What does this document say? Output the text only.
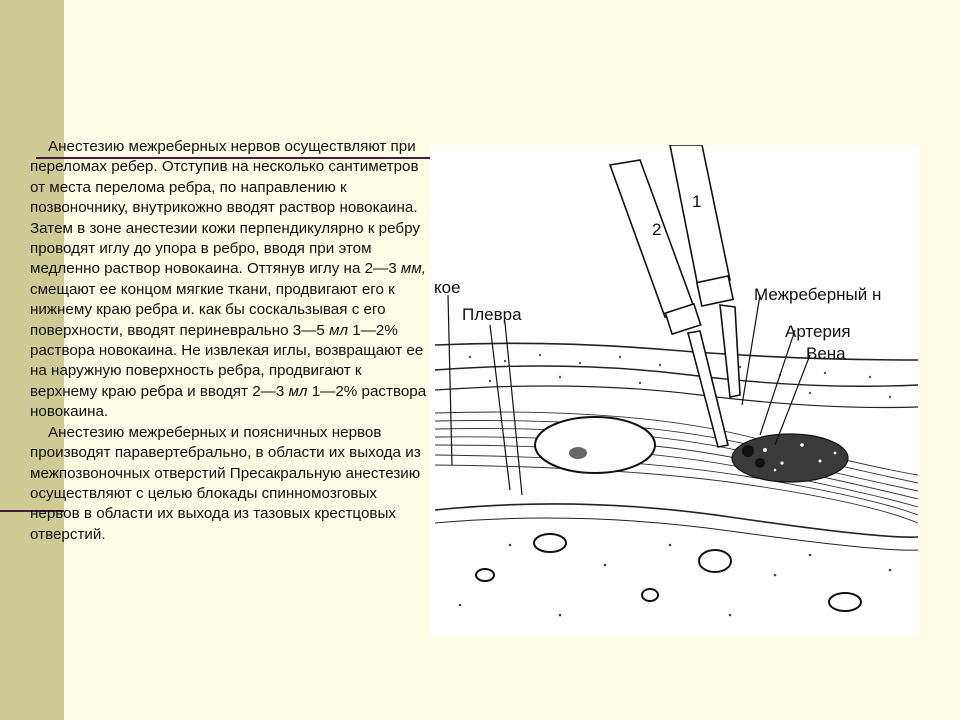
Анестезию межреберных нервов осуществляют при переломах ребер. Отступив на несколько сантиметров от места перелома ребра, по направлению к позвоночнику, внутрикожно вводят раствор новокаина. Затем в зоне анестезии кожи перпендикулярно к ребру проводят иглу до упора в ребро, вводя при этом медленно раствор новокаина. Оттянув иглу на 2—3 мм, смещают ее концом мягкие ткани, продвигают его к нижнему краю ребра и. как бы соскальзывая с его поверхности, вводят периневрально 3—5 мл 1—2% раствора новокаина. Не извлекая иглы, возвращают ее на наружную поверхность ребра, продвигают к верхнему краю ребра и вводят 2—3 мл 1—2% раствора новокаина.

Анестезию межреберных и поясничных нервов производят паравертебрально, в области их выхода из межпозвоночных отверстий Пресакральную анестезию осуществляют с целью блокады спинномозговых нервов в области их выхода из тазовых крестцовых отверстий.

1
2
кое
Плевра
Межреберный н
Артерия
Вена
